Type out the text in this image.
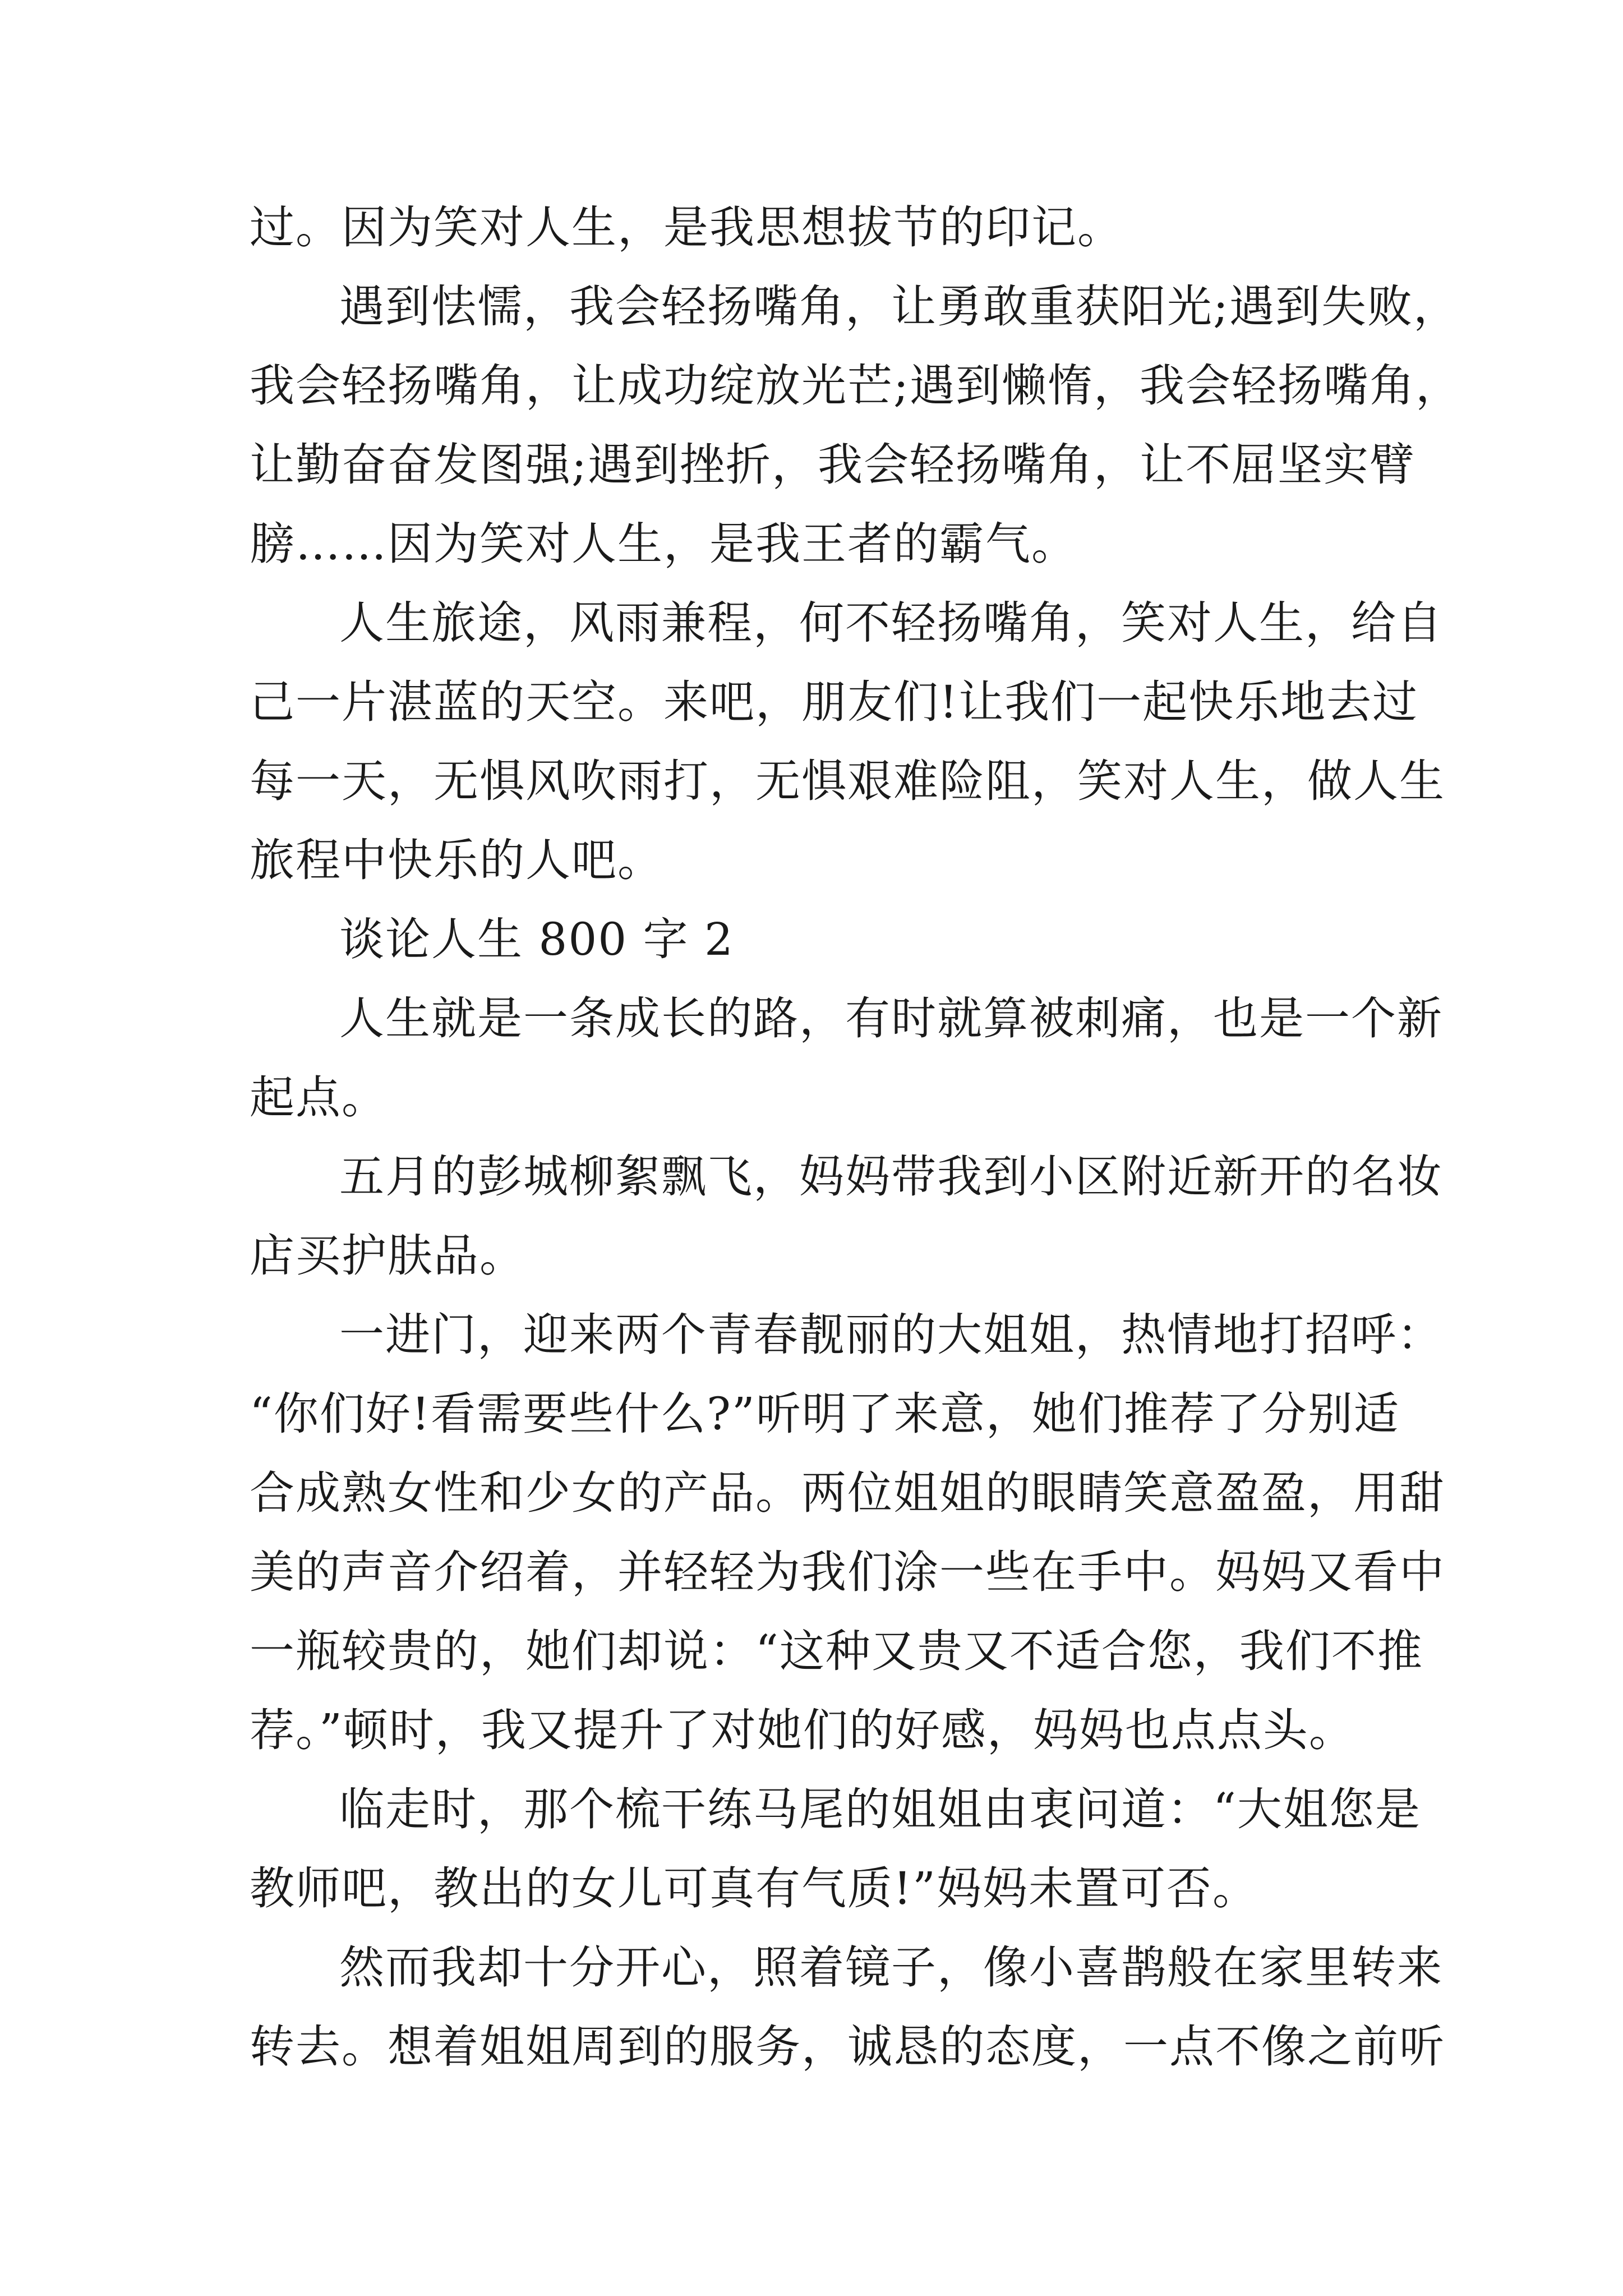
过。因为笑对人生，是我思想拔节的印记。
遇到怯懦，我会轻扬嘴角，让勇敢重获阳光;遇到失败，
我会轻扬嘴角，让成功绽放光芒;遇到懒惰，我会轻扬嘴角，
让勤奋奋发图强;遇到挫折，我会轻扬嘴角，让不屈坚实臂
膀……因为笑对人生，是我王者的霸气。
人生旅途，风雨兼程，何不轻扬嘴角，笑对人生，给自
己一片湛蓝的天空。来吧，朋友们!让我们一起快乐地去过
每一天，无惧风吹雨打，无惧艰难险阻，笑对人生，做人生
旅程中快乐的人吧。
谈论人生 800 字 2
人生就是一条成长的路，有时就算被刺痛，也是一个新
起点。
五月的彭城柳絮飘飞，妈妈带我到小区附近新开的名妆
店买护肤品。
一进门，迎来两个青春靓丽的大姐姐，热情地打招呼：
“你们好!看需要些什么?”听明了来意，她们推荐了分别适
合成熟女性和少女的产品。两位姐姐的眼睛笑意盈盈，用甜
美的声音介绍着，并轻轻为我们涂一些在手中。妈妈又看中
一瓶较贵的，她们却说：“这种又贵又不适合您，我们不推
荐。”顿时，我又提升了对她们的好感，妈妈也点点头。
临走时，那个梳干练马尾的姐姐由衷问道：“大姐您是
教师吧，教出的女儿可真有气质!”妈妈未置可否。
然而我却十分开心，照着镜子，像小喜鹊般在家里转来
转去。想着姐姐周到的服务，诚恳的态度，一点不像之前听
